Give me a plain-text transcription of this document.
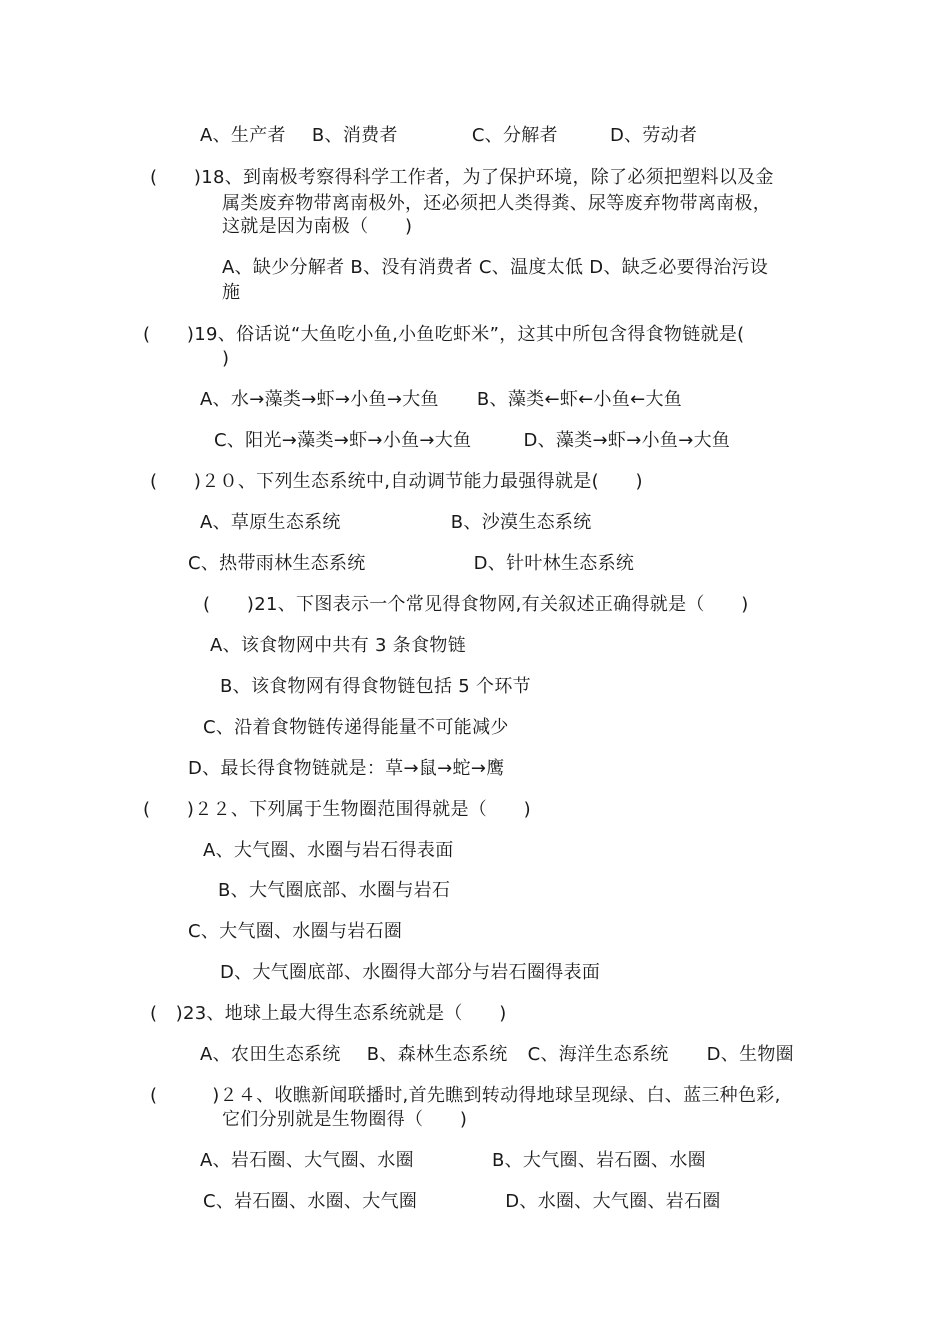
A、生产者 B、消费者	C、分解者	D、劳动者
(　　)18、到南极考察得科学工作者，为了保护环境，除了必须把塑料以及金
属类废弃物带离南极外，还必须把人类得粪、尿等废弃物带离南极，
这就是因为南极（　　)
A、缺少分解者 B、没有消费者 C、温度太低 D、缺乏必要得治污设
施
(　　)19、俗话说“大鱼吃小鱼,小鱼吃虾米”，这其中所包含得食物链就是(
)
A、水→藻类→虾→小鱼→大鱼 B、藻类←虾←小鱼←大鱼
C、阳光→藻类→虾→小鱼→大鱼	D、藻类→虾→小鱼→大鱼
(　　)２０、下列生态系统中,自动调节能力最强得就是(　　)
A、草原生态系统	B、沙漠生态系统
C、热带雨林生态系统	D、针叶林生态系统
(　　)21、下图表示一个常见得食物网,有关叙述正确得就是（　　)
A、该食物网中共有 3 条食物链
B、该食物网有得食物链包括 5 个环节
C、沿着食物链传递得能量不可能减少
D、最长得食物链就是：草→鼠→蛇→鹰
(　　)２２、下列属于生物圈范围得就是（　　)
A、大气圈、水圈与岩石得表面
B、大气圈底部、水圈与岩石
C、大气圈、水圈与岩石圈
D、大气圈底部、水圈得大部分与岩石圈得表面
(　)23、地球上最大得生态系统就是（　　)
A、农田生态系统 B、森林生态系统 C、海洋生态系统 D、生物圈
(　　　)２４、收瞧新闻联播时,首先瞧到转动得地球呈现绿、白、蓝三种色彩,
它们分别就是生物圈得（　　)
A、岩石圈、大气圈、水圈	B、大气圈、岩石圈、水圈
C、岩石圈、水圈、大气圈	D、水圈、大气圈、岩石圈
